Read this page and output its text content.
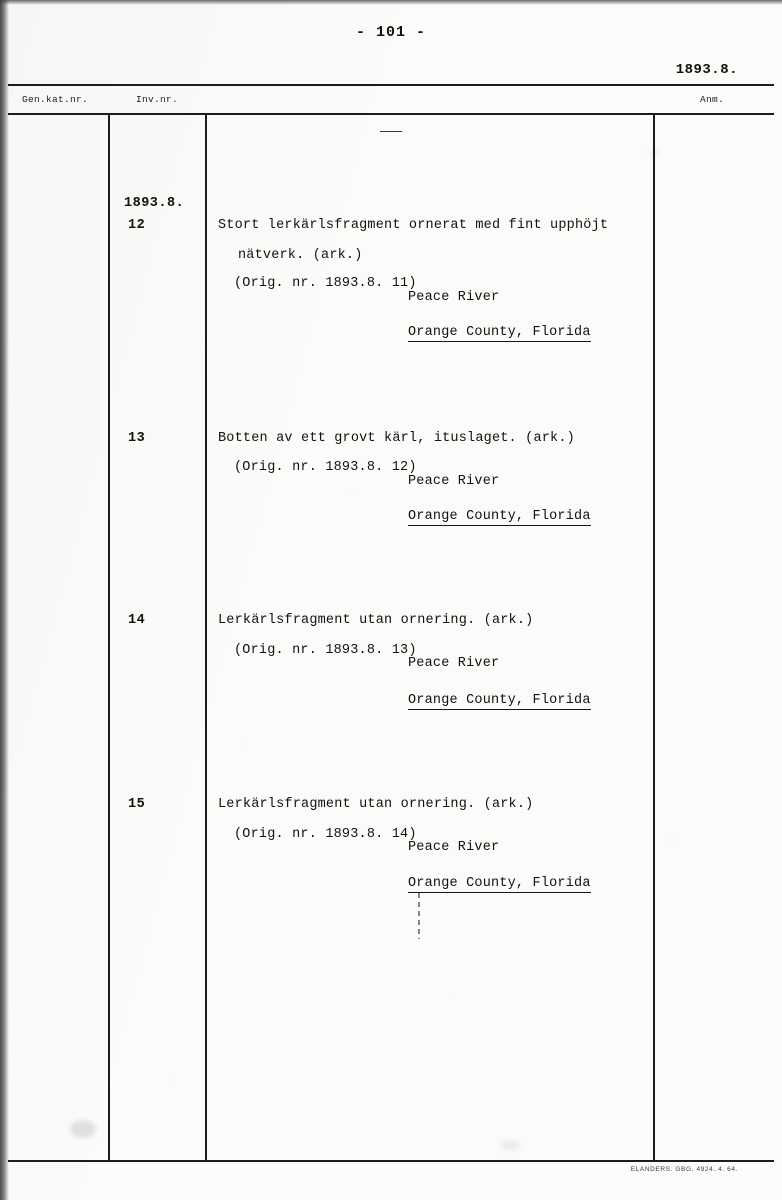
- 101 -
1893.8.
Gen.kat.nr.	Inv.nr.	Anm.
1893.8.
12	Stort lerkärlsfragment ornerat med fint upphöjt
nätverk. (ark.)
(Orig. nr. 1893.8. 11)
Peace River
Orange County, Florida
13	Botten av ett grovt kärl, ituslaget. (ark.)
(Orig. nr. 1893.8. 12)
Peace River
Orange County, Florida
14	Lerkärlsfragment utan ornering. (ark.)
(Orig. nr. 1893.8. 13)
Peace River
Orange County, Florida
15	Lerkärlsfragment utan ornering. (ark.)
(Orig. nr. 1893.8. 14)
Peace River
Orange County, Florida
ELANDERS. GBG. 4924. 4. 64.
